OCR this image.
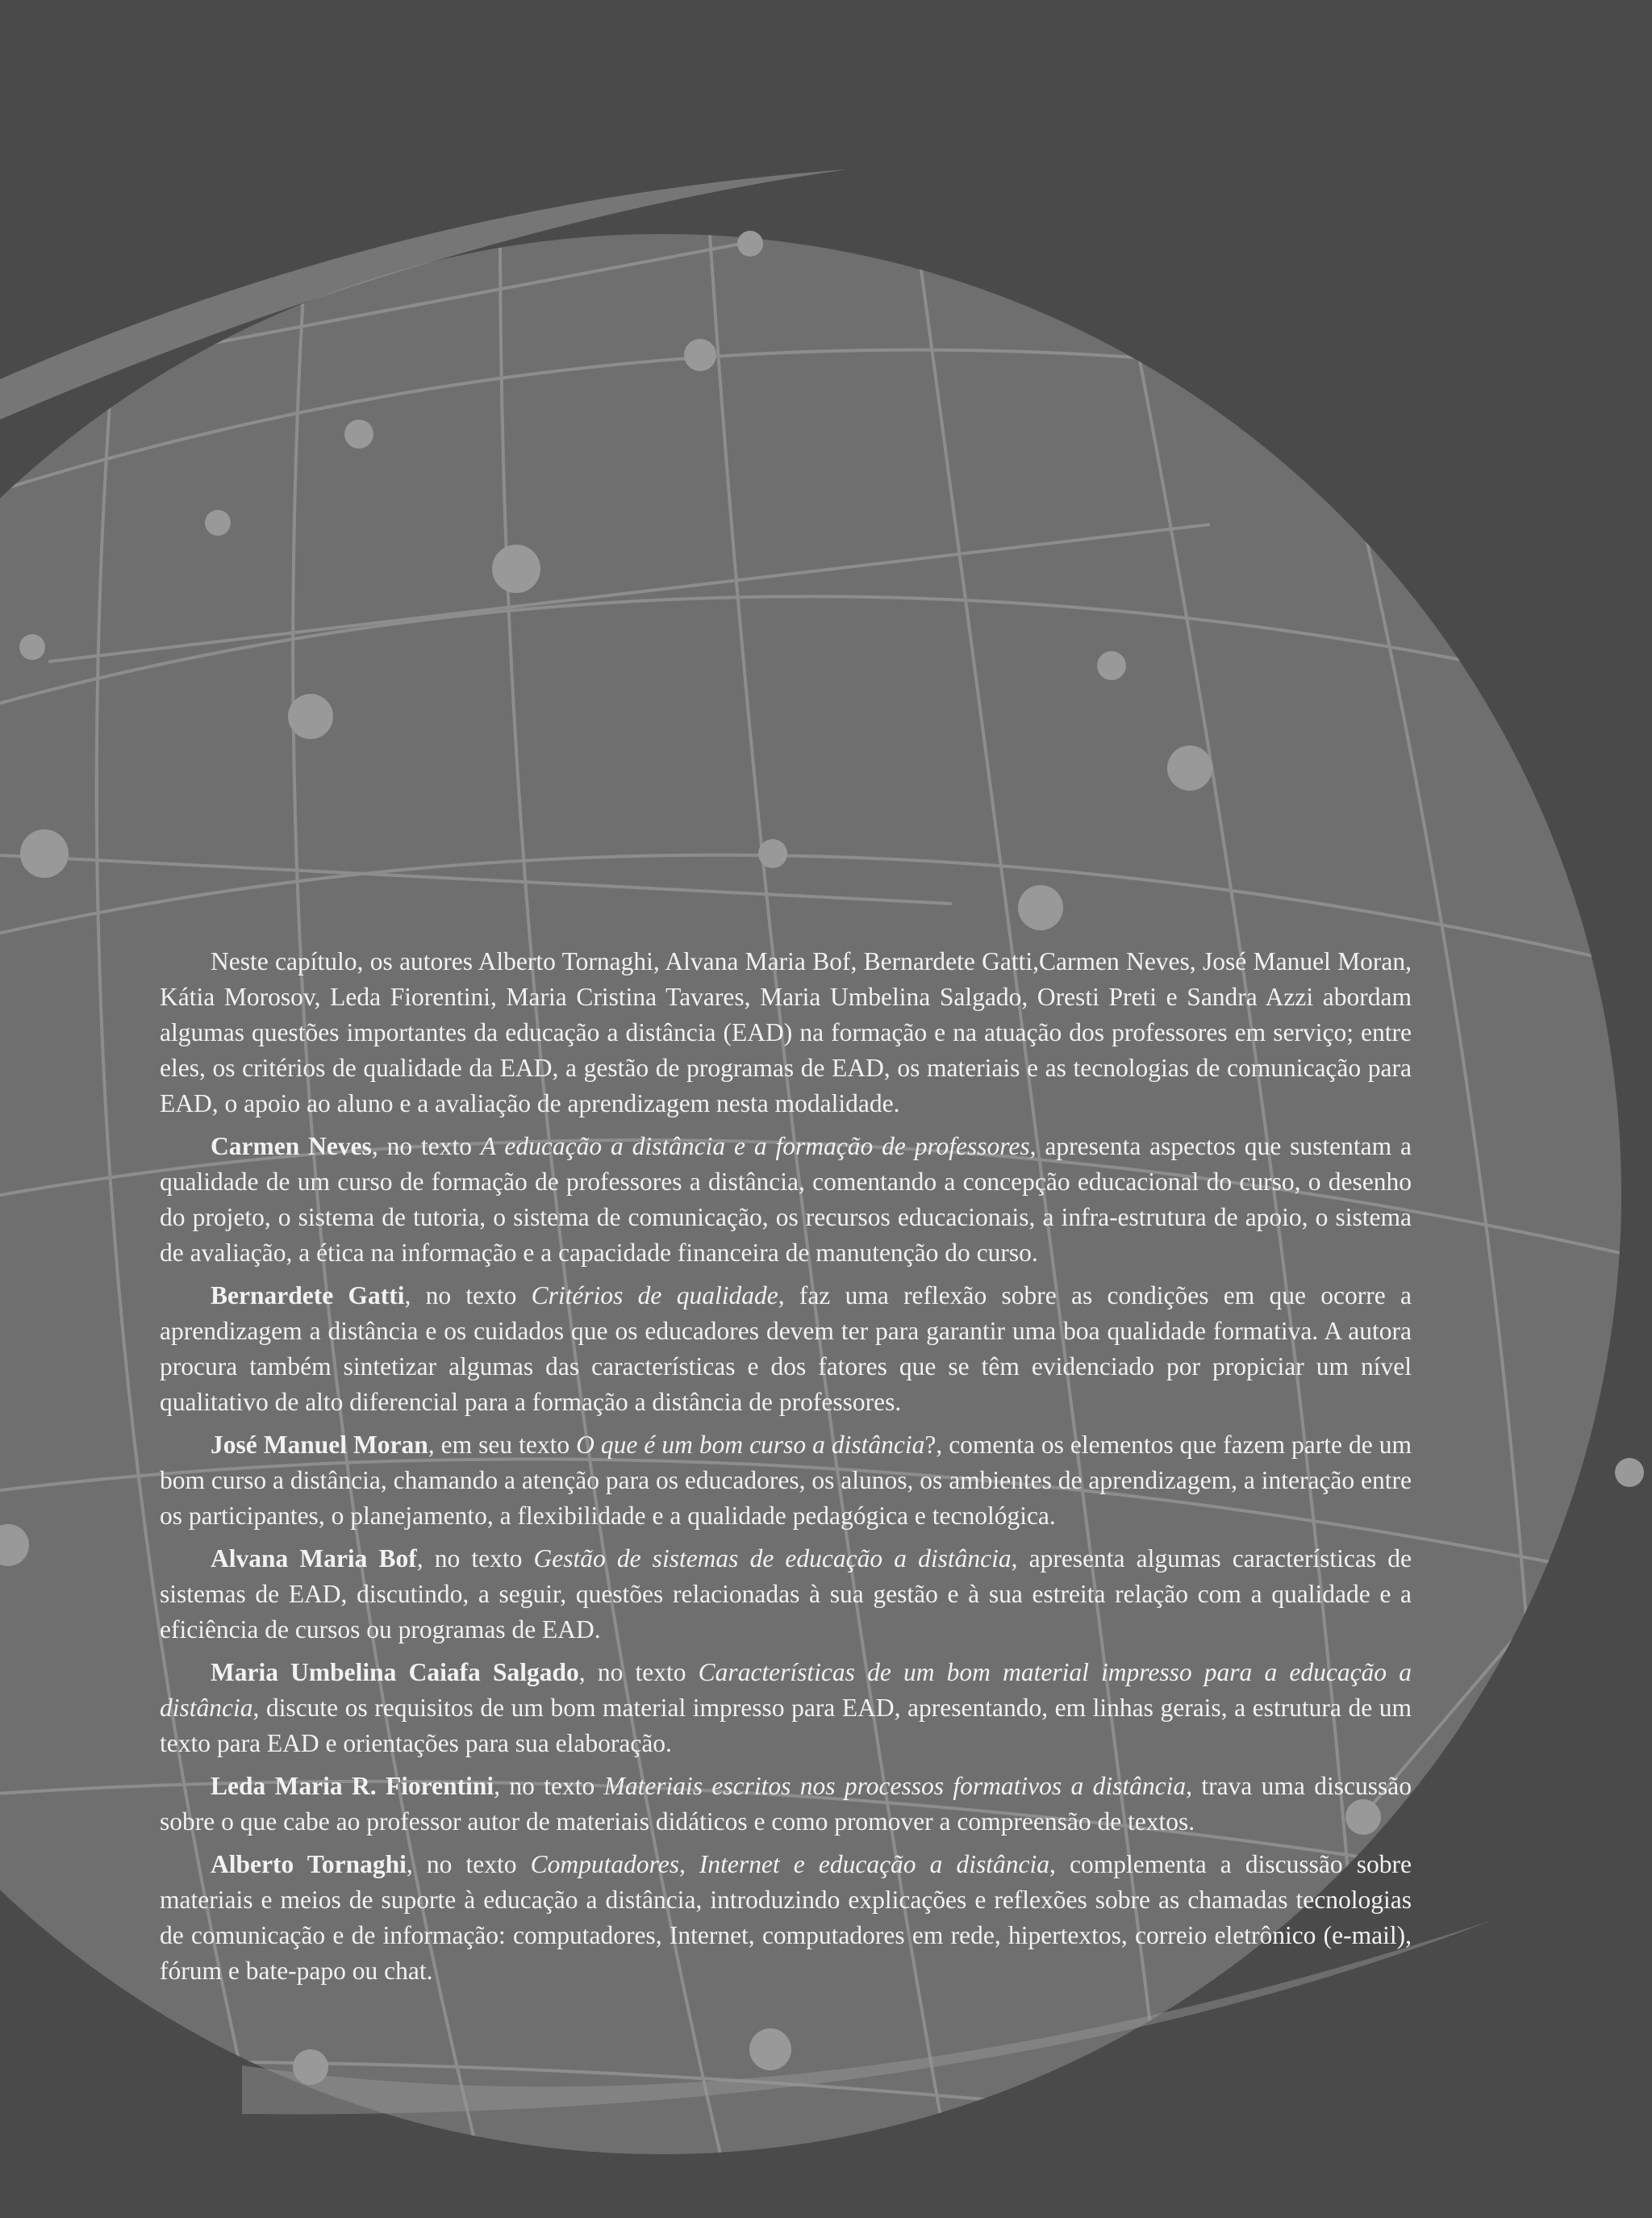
Neste capítulo, os autores Alberto Tornaghi, Alvana Maria Bof, Bernardete Gatti,Carmen Neves, José Manuel Moran, Kátia Morosov, Leda Fiorentini, Maria Cristina Tavares, Maria Umbelina Salgado, Oresti Preti e Sandra Azzi abordam algumas questões importantes da educação a distância (EAD) na formação e na atuação dos professores em serviço; entre eles, os critérios de qualidade da EAD, a gestão de programas de EAD, os materiais e as tecnologias de comunicação para EAD, o apoio ao aluno e a avaliação de aprendizagem nesta modalidade.

Carmen Neves, no texto A educação a distância e a formação de professores, apresenta aspectos que sustentam a qualidade de um curso de formação de professores a distância, comentando a concepção educacional do curso, o desenho do projeto, o sistema de tutoria, o sistema de comunicação, os recursos educacionais, a infra-estrutura de apoio, o sistema de avaliação, a ética na informação e a capacidade financeira de manutenção do curso.

Bernardete Gatti, no texto Critérios de qualidade, faz uma reflexão sobre as condições em que ocorre a aprendizagem a distância e os cuidados que os educadores devem ter para garantir uma boa qualidade formativa. A autora procura também sintetizar algumas das características e dos fatores que se têm evidenciado por propiciar um nível qualitativo de alto diferencial para a formação a distância de professores.

José Manuel Moran, em seu texto O que é um bom curso a distância?, comenta os elementos que fazem parte de um bom curso a distância, chamando a atenção para os educadores, os alunos, os ambientes de aprendizagem, a interação entre os participantes, o planejamento, a flexibilidade e a qualidade pedagógica e tecnológica.

Alvana Maria Bof, no texto Gestão de sistemas de educação a distância, apresenta algumas características de sistemas de EAD, discutindo, a seguir, questões relacionadas à sua gestão e à sua estreita relação com a qualidade e a eficiência de cursos ou programas de EAD.

Maria Umbelina Caiafa Salgado, no texto Características de um bom material impresso para a educação a distância, discute os requisitos de um bom material impresso para EAD, apresentando, em linhas gerais, a estrutura de um texto para EAD e orientações para sua elaboração.

Leda Maria R. Fiorentini, no texto Materiais escritos nos processos formativos a distância, trava uma discussão sobre o que cabe ao professor autor de materiais didáticos e como promover a compreensão de textos.

Alberto Tornaghi, no texto Computadores, Internet e educação a distância, complementa a discussão sobre materiais e meios de suporte à educação a distância, introduzindo explicações e reflexões sobre as chamadas tecnologias de comunicação e de informação: computadores, Internet, computadores em rede, hipertextos, correio eletrônico (e-mail), fórum e bate-papo ou chat.
